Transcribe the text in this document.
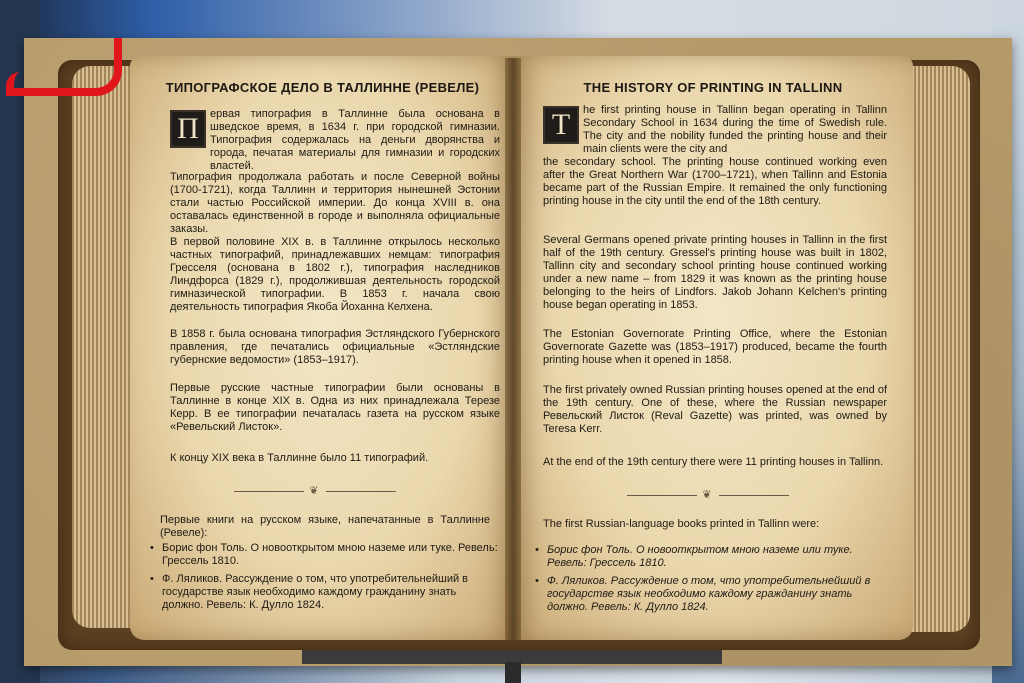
ТИПОГРАФСКОЕ ДЕЛО В ТАЛЛИННЕ (РЕВЕЛЕ)
П	ервая типография в Таллинне была основана в шведское время, в 1634 г. при городской гимназии. Типография содержалась на деньги дворянства и города, печатая материалы для гимназии и городских властей.
Типография продолжала работать и после Северной войны (1700-1721), когда Таллинн и территория нынешней Эстонии стали частью Российской империи. До конца XVIII в. она оставалась единственной в городе и выполняла официальные заказы.
В первой половине XIX в. в Таллинне открылось несколько частных типографий, принадлежавших немцам: типография Гресселя (основана в 1802 г.), типография наследников Линдфорса (1829 г.), продолжившая деятельность городской гимназической типографии. В 1853 г. начала свою деятельность типография Якоба Йоханна Келхена.
В 1858 г. была основана типография Эстляндского Губернского правления, где печатались официальные «Эстляндские губернские ведомости» (1853–1917).
Первые русские частные типографии были основаны в Таллинне в конце XIX в. Одна из них принадлежала Терезе Керр. В ее типографии печаталась газета на русском языке «Ревельский Листок».
К концу XIX века в Таллинне было 11 типографий.
❦
Первые книги на русском языке, напечатанные в Таллинне (Ревеле):
• Борис фон Толь. О новооткрытом мною наземе или туке. Ревель: Гресcель 1810.
• Ф. Ляликов. Рассуждение о том, что употребительнейший в государстве язык необходимо каждому гражданину знать должно. Ревель: К. Дулло 1824.
THE HISTORY OF PRINTING IN TALLINN
T	he first printing house in Tallinn began operating in Tallinn Secondary School in 1634 during the time of Swedish rule. The city and the nobility funded the printing house and their main clients were the city and
the secondary school. The printing house continued working even after the Great Northern War (1700–1721), when Tallinn and Estonia became part of the Russian Empire. It remained the only functioning printing house in the city until the end of the 18th century.
Several Germans opened private printing houses in Tallinn in the first half of the 19th century. Gressel's printing house was built in 1802, Tallinn city and secondary school printing house continued working under a new name – from 1829 it was known as the printing house belonging to the heirs of Lindfors. Jakob Johann Kelchen's printing house began operating in 1853.
The Estonian Governorate Printing Office, where the Estonian Governorate Gazette was (1853–1917) produced, became the fourth printing house when it opened in 1858.
The first privately owned Russian printing houses opened at the end of the 19th century. One of these, where the Russian newspaper Ревельский Листок (Reval Gazette) was printed, was owned by Teresa Kerr.
At the end of the 19th century there were 11 printing houses in Tallinn.
❦
The first Russian-language books printed in Tallinn were:
• Борис фон Толь. О новооткрытом мною наземе или туке. Ревель: Гресcель 1810.
• Ф. Ляликов. Рассуждение о том, что употребительнейший в государстве язык необходимо каждому гражданину знать должно. Ревель: К. Дулло 1824.
